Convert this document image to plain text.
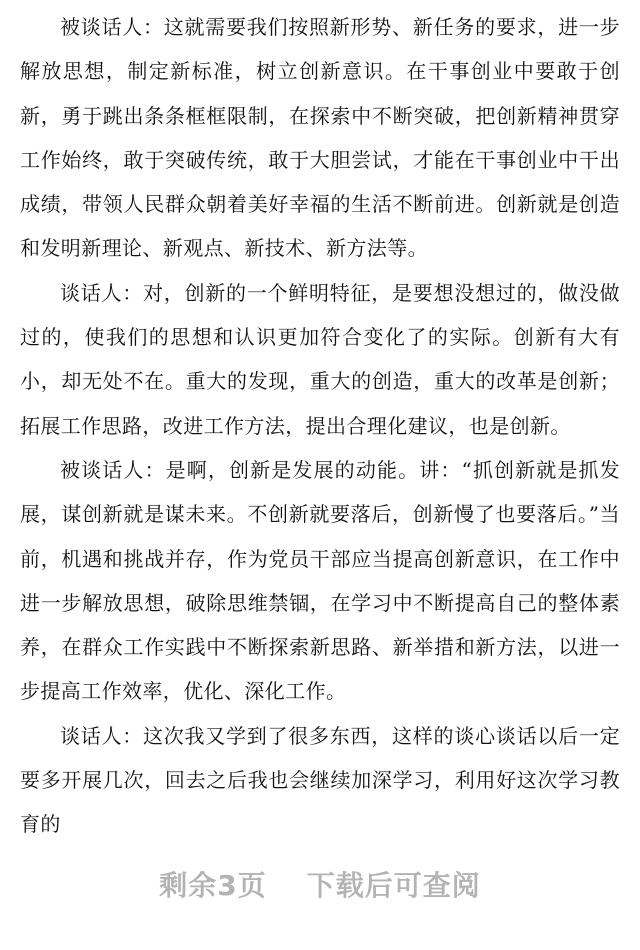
被谈话人：这就需要我们按照新形势、新任务的要求，进一步解放思想，制定新标准，树立创新意识。在干事创业中要敢于创新，勇于跳出条条框框限制，在探索中不断突破，把创新精神贯穿工作始终，敢于突破传统，敢于大胆尝试，才能在干事创业中干出成绩，带领人民群众朝着美好幸福的生活不断前进。创新就是创造和发明新理论、新观点、新技术、新方法等。

谈话人：对，创新的一个鲜明特征，是要想没想过的，做没做过的，使我们的思想和认识更加符合变化了的实际。创新有大有小，却无处不在。重大的发现，重大的创造，重大的改革是创新；拓展工作思路，改进工作方法，提出合理化建议，也是创新。

被谈话人：是啊，创新是发展的动能。讲：“抓创新就是抓发展，谋创新就是谋未来。不创新就要落后，创新慢了也要落后。”当前，机遇和挑战并存，作为党员干部应当提高创新意识，在工作中进一步解放思想，破除思维禁锢，在学习中不断提高自己的整体素养，在群众工作实践中不断探索新思路、新举措和新方法，以进一步提高工作效率，优化、深化工作。

谈话人：这次我又学到了很多东西，这样的谈心谈话以后一定要多开展几次，回去之后我也会继续加深学习，利用好这次学习教育的

剩余3页 下载后可查阅
